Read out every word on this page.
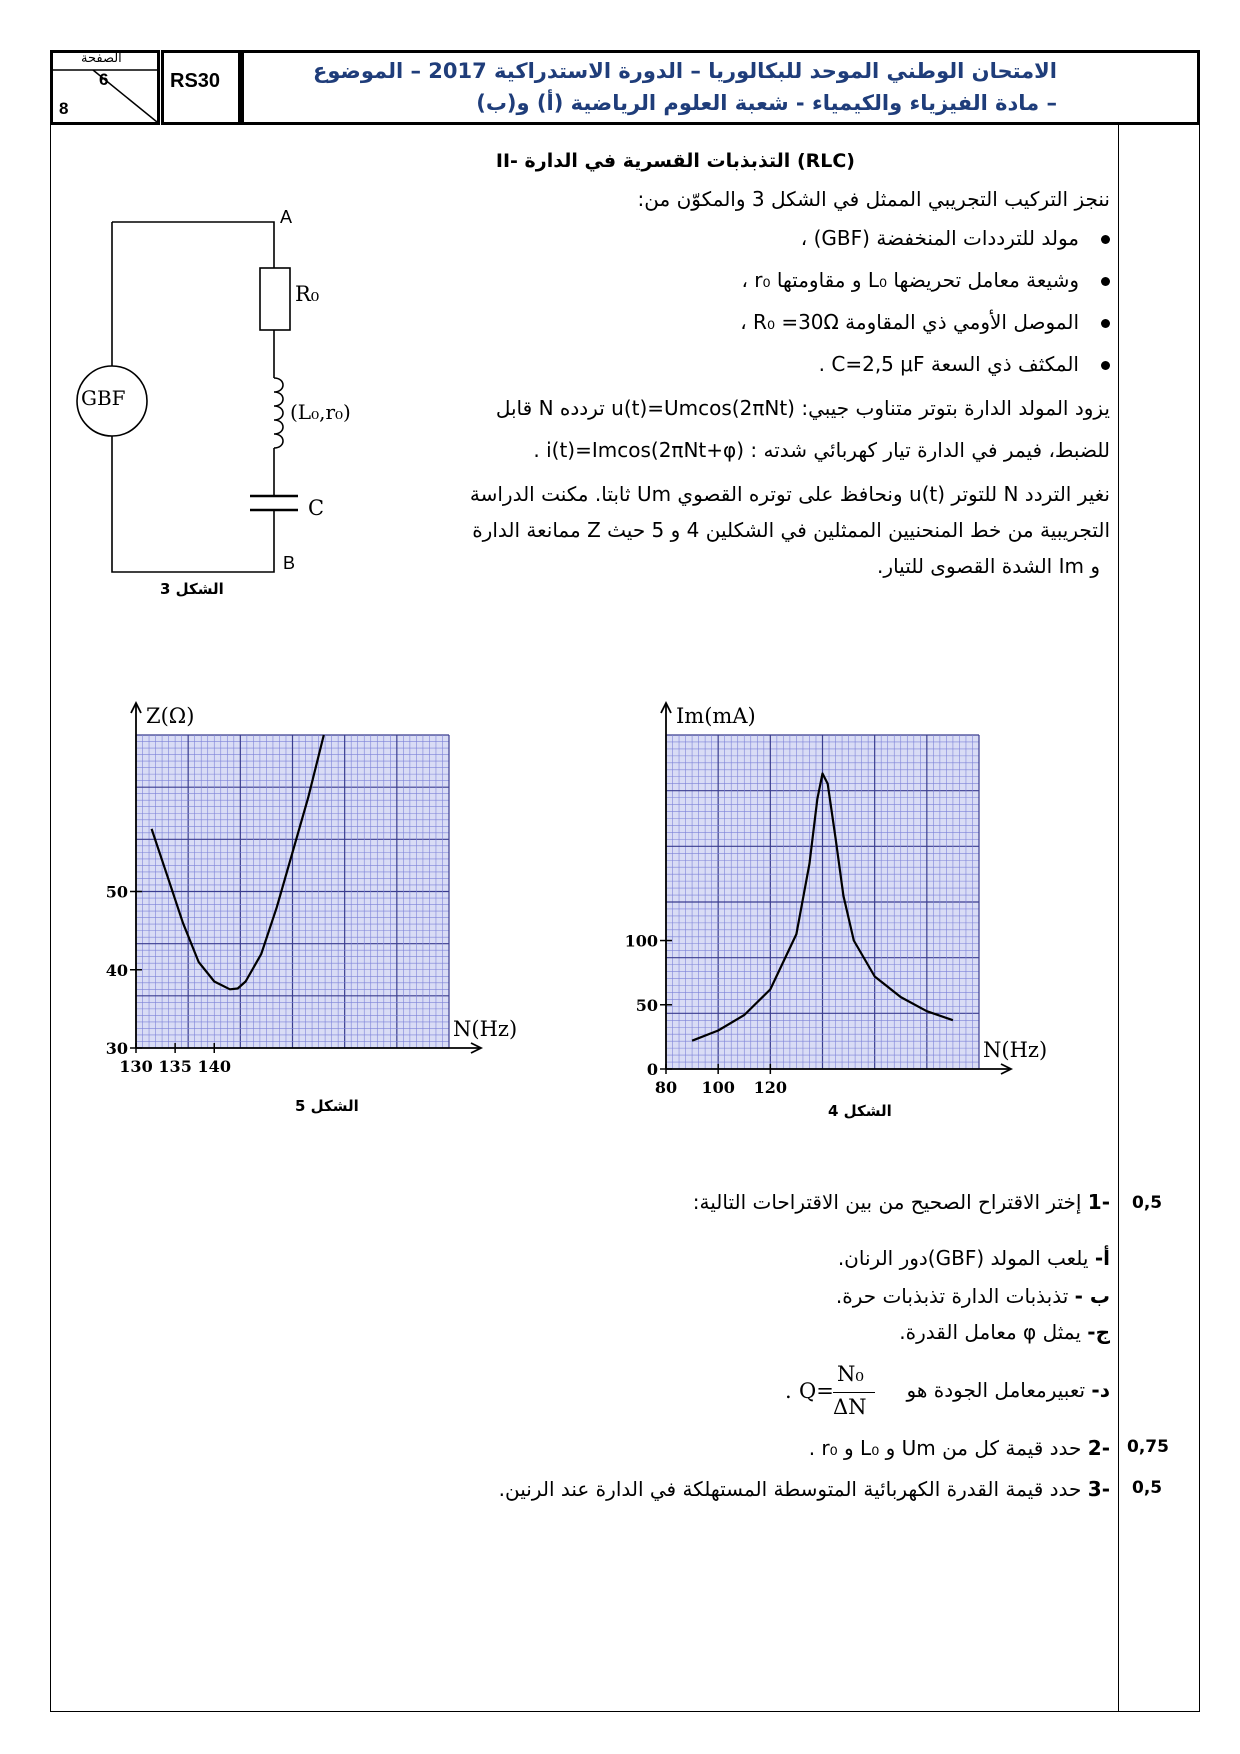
الصفحة
6
8
RS30	الامتحان الوطني الموحد للبكالوريا – الدورة الاستدراكية 2017 – الموضوع
– مادة الفيزياء والكيمياء - شعبة العلوم الرياضية (أ) و(ب)
II- التذبذبات القسرية في الدارة (RLC)
ننجز التركيب التجريبي الممثل في الشكل 3 والمكوّن من:
مولد للترددات المنخفضة (GBF) ،
وشيعة معامل تحريضها L₀ و مقاومتها r₀ ،
الموصل الأومي ذي المقاومة R₀ =30Ω ،
المكثف ذي السعة C=2,5 μF .
يزود المولد الدارة بتوتر متناوب جيبي: u(t)=Umcos(2πNt) تردده N قابل
للضبط، فيمر في الدارة تيار كهربائي شدته : i(t)=Imcos(2πNt+φ) .
نغير التردد N للتوتر u(t) ونحافظ على توتره القصوي Um ثابتا. مكنت الدراسة
التجريبية من خط المنحنيين الممثلين في الشكلين 4 و 5 حيث Z ممانعة الدارة
و Im الشدة القصوى للتيار.
A
B
R₀
(L₀,r₀)
C
GBF
الشكل 3
130 135 140
30
40
50
Z(Ω)
N(Hz)
80 100 120
0
50
100
Im(mA)
N(Hz)
الشكل 5	الشكل 4
-1 إختر الاقتراح الصحيح من بين الاقتراحات التالية:	0,5
أ- يلعب المولد (GBF)دور الرنان.
ب - تذبذبات الدارة تذبذبات حرة.
ج- يمثل φ معامل القدرة.
د- تعبيرمعامل الجودة هو
. Q=
N₀
ΔN
-2 حدد قيمة كل من Um و L₀ و r₀ .	0,75
-3 حدد قيمة القدرة الكهربائية المتوسطة المستهلكة في الدارة عند الرنين.	0,5
